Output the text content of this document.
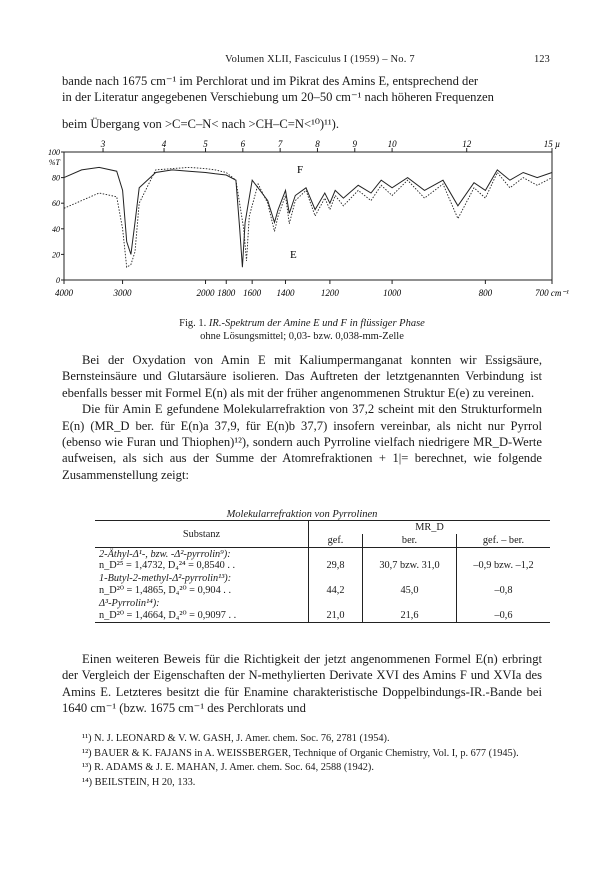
Volumen XLII, Fasciculus I (1959) – No. 7	123
bande nach 1675 cm⁻¹ im Perchlorat und im Pikrat des Amins E, entsprechend der
in der Literatur angegebenen Verschiebung um 20–50 cm⁻¹ nach höheren Frequenzen
beim Übergang von >C=C–N< nach >CH–C=N<¹⁰)¹¹).
3	4	5	6	7	8	9	10	12	15 µ
4000	3000	2000 1800 1600 1400	1200	1000	800	700 cm⁻¹
100
%T
80
60
40
20
0
F
E
Fig. 1. IR.-Spektrum der Amine E und F in flüssiger Phase
ohne Lösungsmittel; 0,03- bzw. 0,038-mm-Zelle
Bei der Oxydation von Amin E mit Kaliumpermanganat konnten wir Essigsäure, Bernsteinsäure und Glutarsäure isolieren. Das Auftreten der letztgenannten Verbindung ist ebenfalls besser mit Formel E(n) als mit der früher angenommenen Struktur E(e) zu vereinen.
Die für Amin E gefundene Molekularrefraktion von 37,2 scheint mit den Strukturformeln E(n) (MR_D ber. für E(n)a 37,9, für E(n)b 37,7) insofern vereinbar, als nicht nur Pyrrol (ebenso wie Furan und Thiophen)¹²), sondern auch Pyrroline vielfach niedrigere MR_D-Werte aufweisen, als sich aus der Summe der Atomrefraktionen + 1|= berechnet, wie folgende Zusammenstellung zeigt:
Molekularrefraktion von Pyrrolinen
Substanz	MR_D		
	gef.	ber.	gef. – ber.

2-Äthyl-Δ¹-, bzw. -Δ²-pyrrolin⁹):
n_D²⁵ = 1,4732, D₄²⁴ = 0,8540 . .	29,8	30,7 bzw. 31,0	–0,9 bzw. –1,2

1-Butyl-2-methyl-Δ²-pyrrolin¹³):
n_D²⁰ = 1,4865, D₄²⁰ = 0,904 . .	44,2	45,0	–0,8

Δ³-Pyrrolin¹⁴):
n_D²⁰ = 1,4664, D₄²⁰ = 0,9097 . .	21,0	21,6	–0,6
Einen weiteren Beweis für die Richtigkeit der jetzt angenommenen Formel E(n) erbringt der Vergleich der Eigenschaften der N-methylierten Derivate XVI des Amins F und XVIa des Amins E. Letzteres besitzt die für Enamine charakteristische Doppelbindungs-IR.-Bande bei 1640 cm⁻¹ (bzw. 1675 cm⁻¹ des Perchlorats und
¹¹) N. J. LEONARD & V. W. GASH, J. Amer. chem. Soc. 76, 2781 (1954).
¹²) BAUER & K. FAJANS in A. WEISSBERGER, Technique of Organic Chemistry, Vol. I, p. 677 (1945).
¹³) R. ADAMS & J. E. MAHAN, J. Amer. chem. Soc. 64, 2588 (1942).
¹⁴) BEILSTEIN, H 20, 133.
